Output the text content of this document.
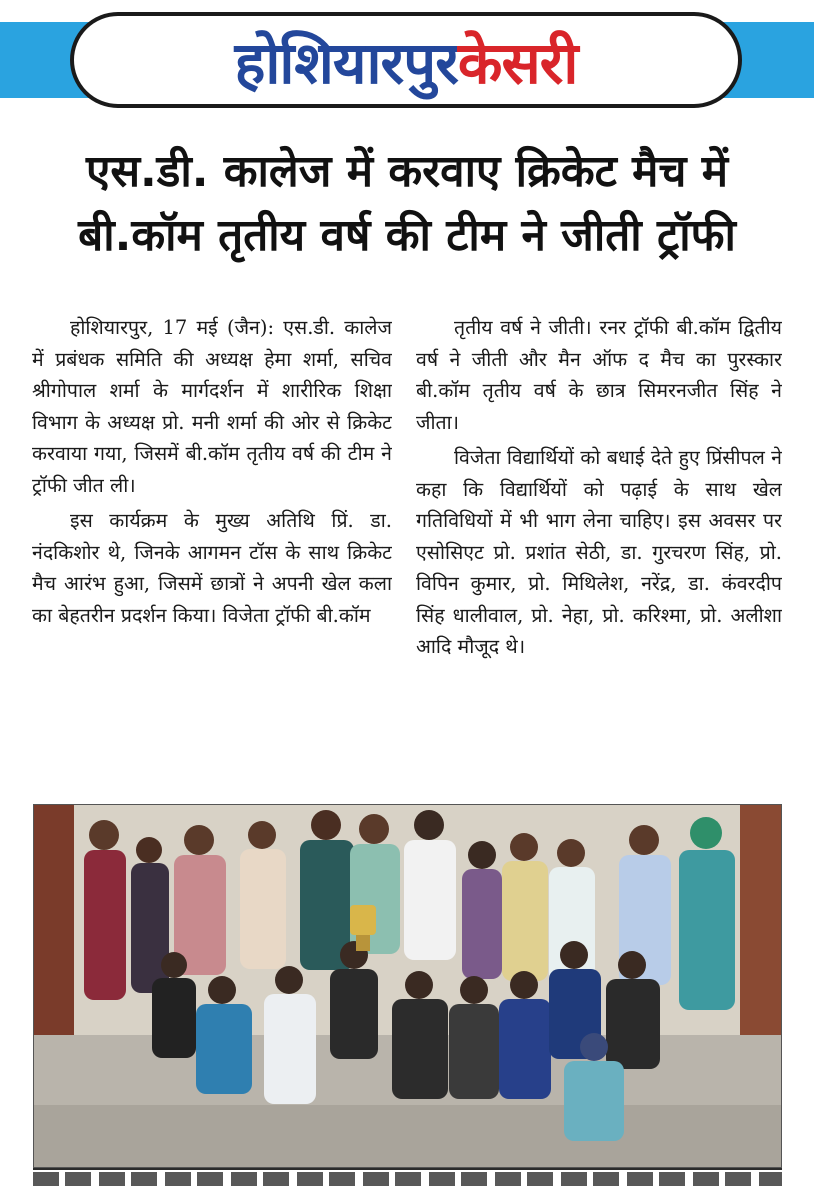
होशियारपुर केसरी
एस.डी. कालेज में करवाए क्रिकेट मैच में
बी.कॉम तृतीय वर्ष की टीम ने जीती ट्रॉफी

होशियारपुर, 17 मई (जैन): एस.डी. कालेज में प्रबंधक समिति की अध्यक्ष हेमा शर्मा, सचिव श्रीगोपाल शर्मा के मार्गदर्शन में शारीरिक शिक्षा विभाग के अध्यक्ष प्रो. मनी शर्मा की ओर से क्रिकेट करवाया गया, जिसमें बी.कॉम तृतीय वर्ष की टीम ने ट्रॉफी जीत ली।

इस कार्यक्रम के मुख्य अतिथि प्रिं. डा. नंदकिशोर थे, जिनके आगमन टॉस के साथ क्रिकेट मैच आरंभ हुआ, जिसमें छात्रों ने अपनी खेल कला का बेहतरीन प्रदर्शन किया। विजेता ट्रॉफी बी.कॉम

तृतीय वर्ष ने जीती। रनर ट्रॉफी बी.कॉम द्वितीय वर्ष ने जीती और मैन ऑफ द मैच का पुरस्कार बी.कॉम तृतीय वर्ष के छात्र सिमरनजीत सिंह ने जीता।

विजेता विद्यार्थियों को बधाई देते हुए प्रिंसीपल ने कहा कि विद्यार्थियों को पढ़ाई के साथ खेल गतिविधियों में भी भाग लेना चाहिए। इस अवसर पर एसोसिएट प्रो. प्रशांत सेठी, डा. गुरचरण सिंह, प्रो. विपिन कुमार, प्रो. मिथिलेश, नरेंद्र, डा. कंवरदीप सिंह धालीवाल, प्रो. नेहा, प्रो. करिश्मा, प्रो. अलीशा आदि मौजूद थे।
